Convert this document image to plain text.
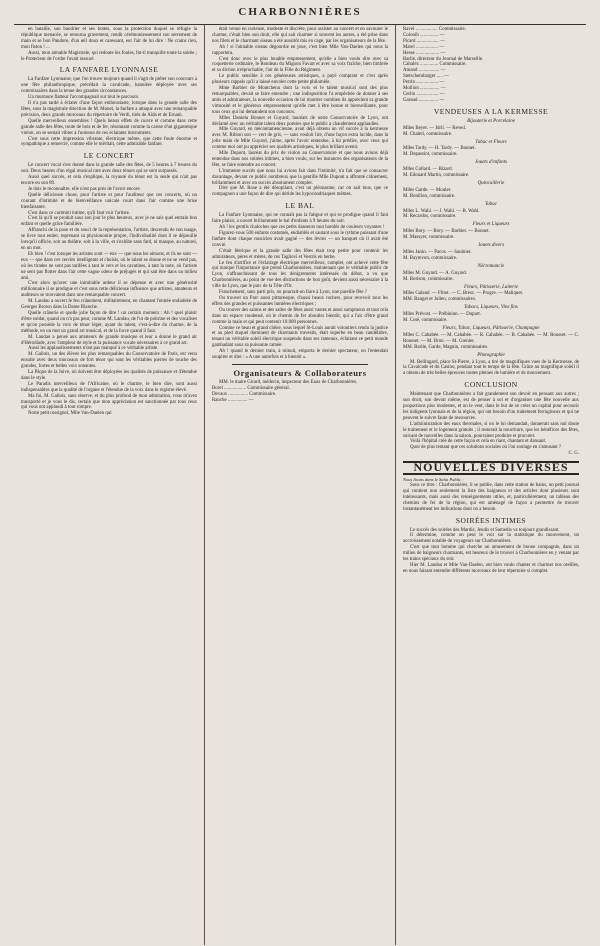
CHARBONNIÈRES

en bataille, son baudrier et ses bottes, sous la protection duquel se réfugie la république menacée, se retourna gravement, rendit cérémonieusement son serrement de main et se bon Pandore, d'un œil doux et caressant, eut l'air de lui dire : Ne crains rien, mon fiston ! ...

Aussi, mon aimable Magistrale, qui redoute les foules, fut-il tranquille toute la soirée ; le Protecteur de l'ordre l'avait rassuré.

LA FANFARE LYONNAISE

La Fanfare Lyonnaise, que l'on trouve toujours quand il s'agit de prêter son concours à une fête philanthropique, précédait la cavalcade, bannière déployée avec ses commissaires dans la tenue des grandes circonstances.

Un murmure flatteur l'accompagnait sur tout le parcours.

Il n'a pas tardé à éclater d'une façon enthousiaste, lorsque dans la grande salle des fêtes, sous la magistrale direction de M. Monet, la fanfare a attaqué avec une remarquable précision, deux grands morceaux du répertoire de Verdi, tirés de Aïda et de Ernani.

Quelle merveilleux ensembles ! Quels beaux effets de cuivre et comme dans cette grande salle des fêtes, toute de bois et de fer, résonnant comme la caisse d'un gigantesque violon, on se sentait vibrer à l'unisson de ces éclatants instruments.

C'est sous cette impression vibrante, électrique même, que cette foule énorme et sympathique a remercié, comme elle le méritait, cette admirable fanfare.

LE CONCERT

Le concert vocal s'est donné dans la grande salle des fêtes, de 5 heures à 7 heures du soir. Deux heures d'un régal musical rare avec deux ténors qui se sont surpassés.

Aussi quel succès, et cela s'explique, la royauté du ténor est la seule qui n'ait pas encore eu son 89.

Je dois le reconnaître, elle n'est pas près de l'avoir encore.

Quelle délicieuse chose, pour l'artiste et pour l'auditeur que ces concerts, où un courant d'intimité et de bienveillance unicale court dans l'air comme une brise bienfaisante.

C'est dans ce carimini intime, qu'il faut voir l'artiste.

C'est là qu'il se produit sous son jour le plus heureux, avec je ne sais quel entrain bon enfant et quelle grâce familière.

Affranchi de la pose et du souci de la représentation, l'artiste, descendu de son nuage, se livre tout entier, reprenant sa physionomie propre, l'individualité dont il se dépouille lorsqu'il officie, soit au théâtre, soit à la ville, et s'exhibe sans fard, ni masque, au naturel, en un mot.

Eh bien ! c'est lorsque les artistes sont — eux — que nous les aimons, et ils ne sont — eux — que dans ces cercles intelligents et choisis, où le talent se donne et ne se vend pas, où les tirades ne sont pas tarifées à tant le vers et les cavatines, à tant la note, où l'artiste ne sent pas flotter dans l'air cette vague odeur de préjugés et qui sait être dans un milieu ami.

C'est alors qu'avec une inimitable ardeur il se dépense et avec une générosité millionnaire il se prodigue et c'est sous cette délicieuse influence que artistes, amateurs et auditeurs se trouvaient dans une remarquable concert.

M. Landau a ouvert le feu crânement, militairement, en chantant l'entrée endiablée de Georges Brown dans la Dame Blanche.

Quelle crânerie et quelle jolie façon de dire ! un certain moment : Ah ! quel plaisir d'être soldat, quand on n'a pas peur, comme M. Landau, de l'ut de poitrine et des vocalises et qu'on possède la voix de ténor léger, ayant du talent, c'est-à-dire du charme, de la méthode, en un mot un grand art musical, et de la force quand il faut.

M. Landau a pensé aux amateurs de grande musique et leur a donné le grand air d'Hérodiade, avec l'ampleur de style et la puissance vocale nécessaires à ce grand art.

Aussi les applaudissements n'ont pas manqué à ce véritable artiste.

M. Gallois, un des élèves les plus remarquables du Conservatoire de Paris, est venu ensuite avec deux morceaux de fort ténor qui sont les véritables pierres de touche des grandes, fortes et belles voix sonantes.

La Pâque de la Juive, où doivent être déployées les qualités de puissance et d'étendue dans le style.

Le Paradis merveilleux de l'Africaine, où le charme, le bien dire, sont aussi indispensables que la qualité de l'organe et l'étendue de la voix dans le registre élevé.

Ma foi, M. Gallois, sans réserve, et du plus profond de mon admiration, vous m'avez transporté et je vous le dis, certain que mon appréciation est sanctionnée par tous ceux qui vous ont applaudi à tout rompre.

Notre petit rossignol, Mlle Van-Daelen qui

était venue en curieuse, modeste et discrète, pour assister au concert et en savourer le charme, c'était bien son droit, elle qui sait charmer si souvent les autres, a été prise dans nos filets et le charmant oiseau a été aussitôt mis en cage, par les organisateurs de la fête.

Ah ! si l'aimable oiseau dégourdie en joue, c'est bien Mlle Van-Daelen qui nous la rapportera.

C'est donc avec le plus louable empressement, qu'elle a bien voulu dire avec sa coquetterie ordinaire, le Rondeau du Mignon Favart et avec sa voix fraîche, bien timbrée et sa diction irréprochable, l'air de la Fille du Régiment.

Le public sensible à ces généreuses artistiques, a payé comptant et c'est après plusieurs rappels qu'il a laissé envoler cette petite philomèle.

Mme Barbier de Montchenu dont la voix et le talent musical sont des plus remarquables, devait se faire entendre ; une indisposition l'a empêchée de donner à ses amis et admirateurs, la nouvelle occasion de lui montrer combien ils apprécient sa grande virtuosité et le généreux empressement qu'elle met à être bonne et bienveillante, pour tous ceux qui lui demandent son concours.

Mlles Daniela Bonnet et Guyard, lauréats de notre Conservatoire de Lyon, ont déclamé avec un véritable talent deux poésies que le public a chaudement applaudies.

Mlle Guyard, en mécontamencienne, avait déjà obtenu un vif succès à la kermesse avec M. Ribion son — vert de gris, — sans vouloir lire, d'une façon extra lucide, dans la jolie main de Mlle Guyard, j'aime, après l'avoir entendue, à lui prédire, avec ceux qui comme moi ont pu apprécier ses qualités artistiques, le plus brillant avenir.

Mlle Dupont, lauréat du prix de violon au Conservatoire et que nous avions déjà entendue dans nos soirées intimes, a bien voulu, sur les instances des organisateurs de la fête, se faire entendre au concert.

L'immense succès que nous lui avions fait dans l'intimité, n'a fait que se consacrer davantage, devant ce public nombreux que la gentille Mlle Dupont a affronté crânement, brillamment et avec un succès absolument complet.

Dire que M. Rose a été désopilant, c'est un pléonasme, car on sait tous, que ce compagnon a une façon de dire qui déride les hypocondriaques mêmes.

LE BAL

La Fanfare Lyonnaise, qui ne connaît pas la fatigue et qui se prodigue quand il faut faire plaisir, a ouvert brillamment le bal d'enfants à 9 heures du soir.

Ah ! les gentils chaloches que ces petits danseurs tout barolés de couleurs voyantes !

Figurez-vous 500 enfants costumés, endiablés et sautant sous le rythme puissant d'une fanfare dont chaque musicien avait gagné — des lèvres — un banquet où il avait été convié.

C'était féerique et la grande salle des fêtes était trop petite pour contenir les admirateurs, pères et mères, de ces Tagliovi et Vestris en herbe.

Le feu d'artifice et l'éclairage électrique merveilleux, complet, ont achevé cette fête qui marque l'importance que prend Charbonnières, maintenant que le véritable public de Lyon, s'affranchissant de tous les dénigrements intéressés du début, a vu que Charbonnières, au point de vue des distractions de bon goût, devient aussi nécessaire à la ville de Lyon, que le parc de la Tête d'Or.

Franchement, sans parti pris, ou pourrait-on faire à Lyon, une pareille fête ?

Ou trouver un Parc aussi pittoresque, d'aussi beaux rochers, pour recevoir tous les effets des grandes et puissantes lumières électriques ;

Ou trouver des salons et des salles de fêtes aussi vastes et aussi somptueux et tout cela dans un espace condensé, où le chemin de fer aboutiss bientôt, qui a l'air d'être grand comme la main et qui peut contenir 10.000 personnes.

Comme ce beau et grand chêne, sous lequel St-Louis aurait volontiers rendu la justice et au pied duquel dominent de charmants travestis, était superbe en beau candélabre, tenant un véritable soleil électrique suspendu dans ses rameaux, éclairant ce petit monde gambadant sous sa puissante ramée.

Ah ! quand le dernier train, à minuit, emporta le dernier spectateur, on l'entendait soupirer et dire : « A une autrefois et à bientôt ».

Organisateurs & Collaborateurs

MM. le maire Girard, médecin, inspecteur des Eaux de Charbonnières.

Borel .................. Commissaire général.

Devaux ................ Commissaire.

Ranche ................ —

Ravel .................. Commissaire.

Colonib ............... —

Picard .................. —

Marel .................. —

Hesse ................... —

Barlie, directeur du Journal de Marseille.

Cahalez ............... Commissaire.

Amand ................. —

Stetschembarger ..... —

Perrin .................. —

Mollion ................ —

Cerlin .................. —

Garaud ................ —

VENDEUSES A LA KERMESSE

Bijouterie et Porcelaine

Mlles Beyer. — Idril. — Reved.

M. Chaleil, commissaire.

Tabac et Fleurs

Mlles Tardy. — H. Tardy. — Bonnet.

M. Depassiot, commissaire.

Jouets d'enfants

Mlles Collard. — Bizard.

M. Edouard Martin, commissaire.

Quincaillerie

Mlles Garde. — Mouler.

M. Bonillon, commissaire.

Tabac

Mlles L. Wahl. — J. Wahl. — B. Wahl.

M. Recardos, commissaire.

Fleurs et Liqueurs

Mlles Bory. — Bory. — Barbier. — Bonnet.

M. Massyer, commissaire.

Jouets divers

Mlles Janin. — Pacos. — Saulnier.

M. Bayrevon, commissaire.

Nécromancie

Mlles M. Guyard. — A. Guyard.

M. Borison, commissaire.

Fleurs, Pâtisserie, Laiterie

Mlles Galand. — Flitot. — C. Bresc. — Progre. — Maliquet.

MM. Bauget et Jullen, commissaires.

Tabacs, Liqueurs, Vins fins

Mlles Prévost. — Prébinion. — Dupart.

M. Coté, commissaire.

Fleurs, Tabac, Liqueurs, Pâtisserie, Champagne

Mlles C. Cahabée. — M. Cahabée. — R. Cahabée. — B. Cahabée. — M. Rousset. — C. Rousset. — M. Bron. — M. Grenier.

MM. Barlie, Garde, Magnin, commissaires.

Photographie

M. Bellingard, place St-Pierre, à Lyon, a tiré de magnifiques vues de la Kermesse, de la Cavalcade et du Casino, pendant tout le temps de la fête. Grâce au magnifique soleil il a obtenu de très belles épreuves toutes pleines de lumière et de mouvement.

CONCLUSION

Maintenant que Charbonnières a fait grandement son devoir en pensant aux autres ; son droit, son devoir même, est de penser à soi et d'organiser une fête nouvelle aux proportions plus modestes, et on le veut, dans le but de se créer un capital pour secourir les indigents lyonnais et de la région, qui ont besoin d'un traitement ferrugineux et qui ne peuvent le suivre faute de ressources.

L'administration des eaux thermales, si on le lui demandait, donnerait sans nul doute le traitement et le logement gratuits ; il resterait la nourriture, que les bénéfices des fêtes, suivant de nouvelles dans la saison, pourraient produire et procurer.

Voilà l'hôpital créé de cette façon et cela en riant, chantant et dansant.

Quoi de plus tentant que ces solutions sociales où l'on soulage en s'amusant ?

C. G.

NOUVELLES DIVERSES

Nous lisons dans le Salut Public :

Sous ce titre : Charbonnières, il se publie, dans cette station de bains, un petit journal qui contient non seulement la liste des baigneurs et des articles dont plusieurs sont intéressants, mais aussi des renseignements utiles, et, particulièrement, un tableau des chemins de fer de la région, qui est aménagé de façon à permettre de trouver instantanément les indications dont on a besoin.

SOIRÉES INTIMES

Le succès des soirées des Mardis, Jeudis et Samedis va toujours grandissant.

Il détermine, comme on peut le voir sur la statistique du mouvement, un accroissement notable de voyageurs sur Charbonnières.

C'est que tout homme qui cherche un amusement de bonne compagnie, dans un milieu de baigneurs charmants, est heureux de le trouver à Charbonnières en y venant par les trains spéciaux du soir.

Hier M. Landau et Mlle Van-Daelen, ont bien voulu chanter et charmer nos oreilles, en nous faisant entendre différents morceaux de leur répertoire si complet.
